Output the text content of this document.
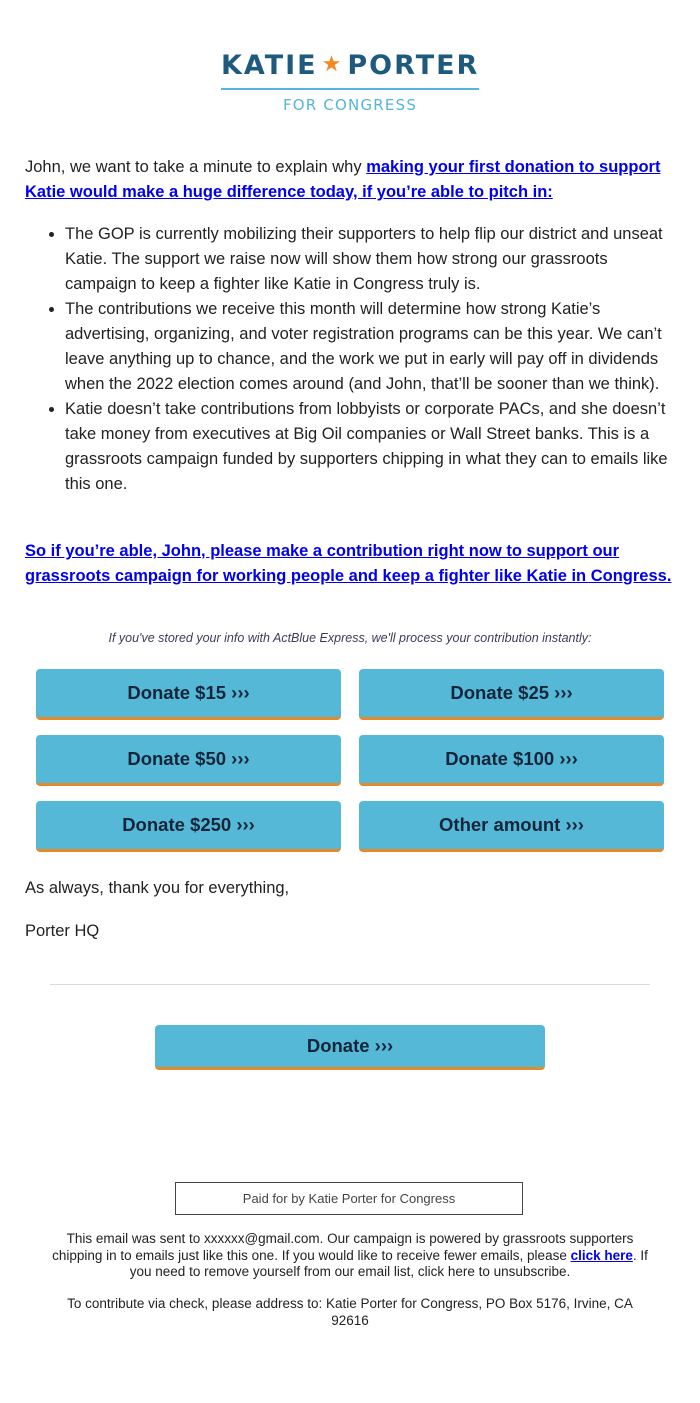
KATIE ★ PORTER
FOR CONGRESS
John, we want to take a minute to explain why making your first donation to support Katie would make a huge difference today, if you’re able to pitch in:
• The GOP is currently mobilizing their supporters to help flip our district and unseat Katie. The support we raise now will show them how strong our grassroots campaign to keep a fighter like Katie in Congress truly is.
• The contributions we receive this month will determine how strong Katie’s advertising, organizing, and voter registration programs can be this year. We can’t leave anything up to chance, and the work we put in early will pay off in dividends when the 2022 election comes around (and John, that’ll be sooner than we think).
• Katie doesn’t take contributions from lobbyists or corporate PACs, and she doesn’t take money from executives at Big Oil companies or Wall Street banks. This is a grassroots campaign funded by supporters chipping in what they can to emails like this one.
So if you’re able, John, please make a contribution right now to support our grassroots campaign for working people and keep a fighter like Katie in Congress.
If you've stored your info with ActBlue Express, we'll process your contribution instantly:
Donate $15 ›››	Donate $25 ›››
Donate $50 ›››	Donate $100 ›››
Donate $250 ›››	Other amount ›››
As always, thank you for everything,
Porter HQ
Donate ›››
Paid for by Katie Porter for Congress
This email was sent to xxxxxx@gmail.com. Our campaign is powered by grassroots supporters chipping in to emails just like this one. If you would like to receive fewer emails, please click here. If you need to remove yourself from our email list, click here to unsubscribe.
To contribute via check, please address to: Katie Porter for Congress, PO Box 5176, Irvine, CA 92616
